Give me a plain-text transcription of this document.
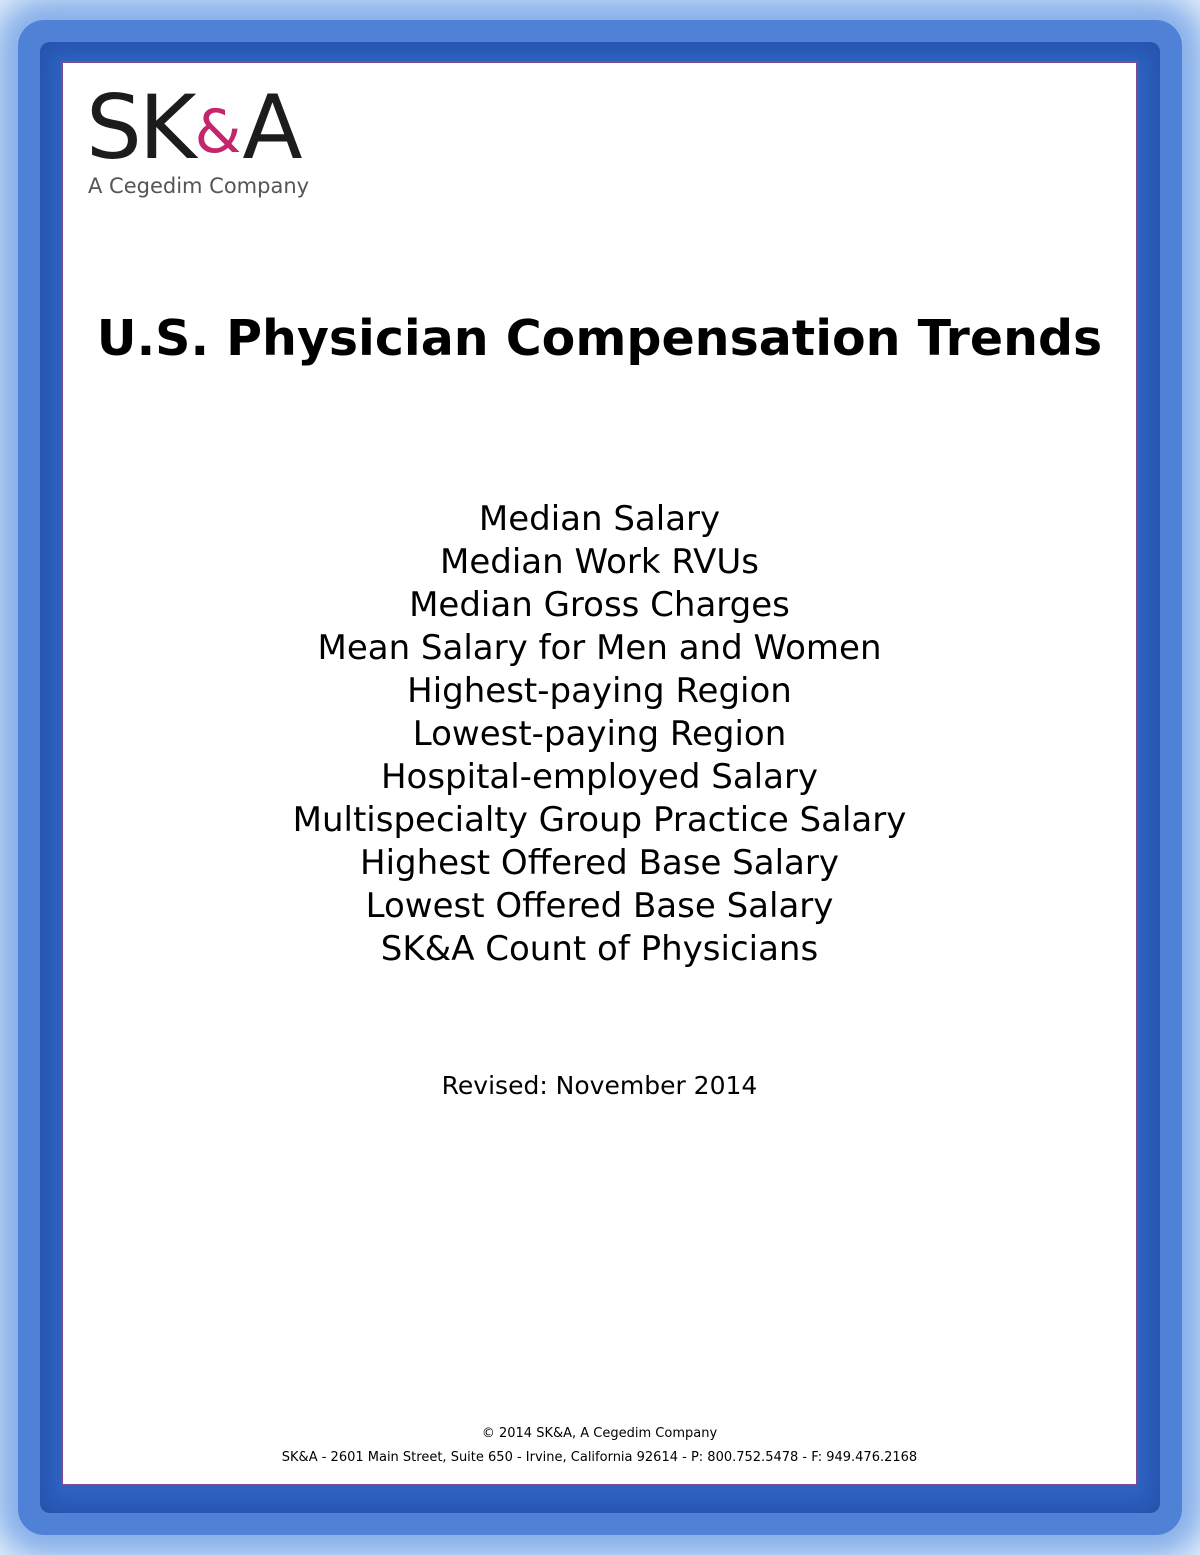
SK&A
A Cegedim Company
U.S. Physician Compensation Trends
Median Salary
Median Work RVUs
Median Gross Charges
Mean Salary for Men and Women
Highest-paying Region
Lowest-paying Region
Hospital-employed Salary
Multispecialty Group Practice Salary
Highest Offered Base Salary
Lowest Offered Base Salary
SK&A Count of Physicians
Revised: November 2014
© 2014 SK&A, A Cegedim Company
SK&A - 2601 Main Street, Suite 650 - Irvine, California 92614 - P: 800.752.5478 - F: 949.476.2168
